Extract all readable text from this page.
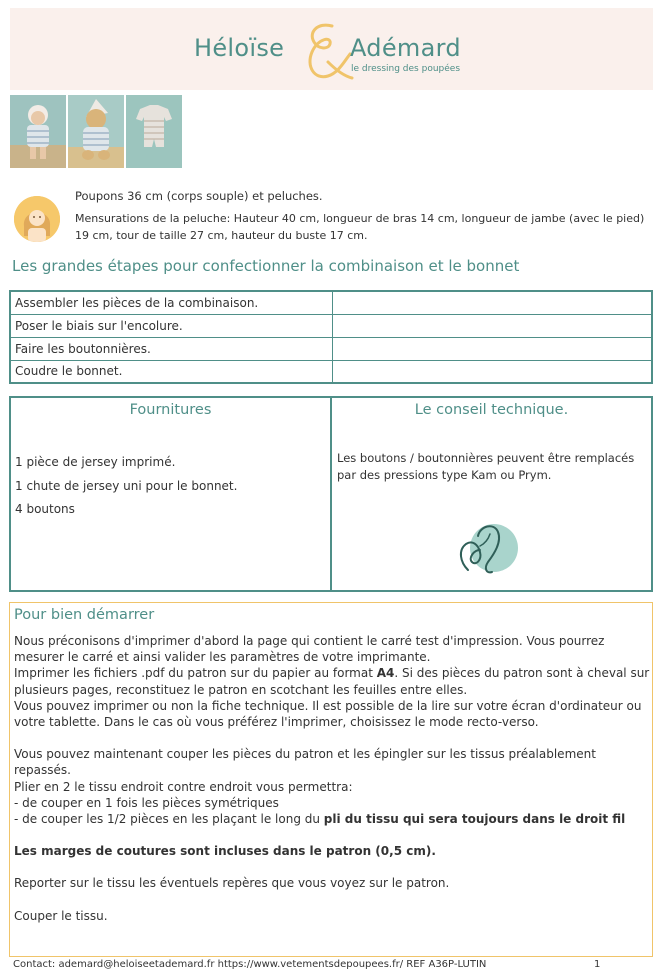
Héloïse	Adémard
le dressing des poupées
Poupons 36 cm (corps souple) et peluches.
Mensurations de la peluche: Hauteur 40 cm, longueur de bras 14 cm, longueur de jambe (avec le pied) 19 cm, tour de taille 27 cm, hauteur du buste 17 cm.
Les grandes étapes pour confectionner la combinaison et le bonnet
Assembler les pièces de la combinaison.	
Poser le biais sur l'encolure.	
Faire les boutonnières.	
Coudre le bonnet.	
Fournitures
1 pièce de jersey imprimé.
1 chute de jersey uni pour le bonnet.
4 boutons
Le conseil technique.
Les boutons / boutonnières peuvent être remplacés par des pressions type Kam ou Prym.
Pour bien démarrer

Nous préconisons d'imprimer d'abord la page qui contient le carré test d'impression. Vous pourrez mesurer le carré et ainsi valider les paramètres de votre imprimante.

Imprimer les fichiers .pdf du patron sur du papier au format A4. Si des pièces du patron sont à cheval sur plusieurs pages, reconstituez le patron en scotchant les feuilles entre elles.

Vous pouvez imprimer ou non la fiche technique. Il est possible de la lire sur votre écran d'ordinateur ou votre tablette. Dans le cas où vous préférez l'imprimer, choisissez le mode recto-verso.

Vous pouvez maintenant couper les pièces du patron et les épingler sur les tissus préalablement repassés.

Plier en 2 le tissu endroit contre endroit vous permettra:

- de couper en 1 fois les pièces symétriques

- de couper les 1/2 pièces en les plaçant le long du pli du tissu qui sera toujours dans le droit fil

Les marges de coutures sont incluses dans le patron (0,5 cm).

Reporter sur le tissu les éventuels repères que vous voyez sur le patron.

Couper le tissu.

Contact: ademard@heloiseetademard.fr https://www.vetementsdepoupees.fr/ REF A36P-LUTIN	1
